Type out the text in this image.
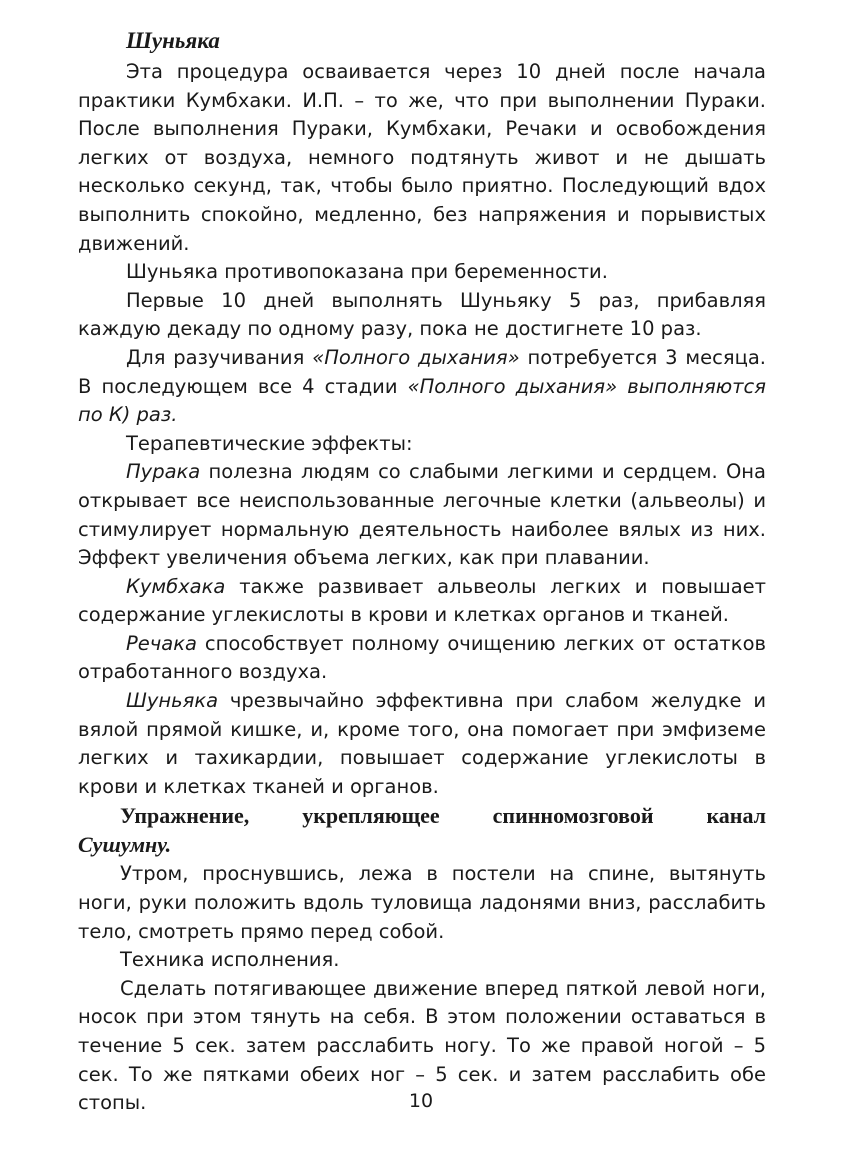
Шуньяка

Эта процедура осваивается через 10 дней после начала практики Кумбхаки. И.П. – то же, что при выполнении Пураки. После выполнения Пураки, Кумбхаки, Речаки и освобождения легких от воздуха, немного подтянуть живот и не дышать несколько секунд, так, чтобы было приятно. Последующий вдох выполнить спокойно, медленно, без напряжения и порывистых движений.

Шуньяка противопоказана при беременности.

Первые 10 дней выполнять Шуньяку 5 раз, прибавляя каждую декаду по одному разу, пока не достигнете 10 раз.

Для разучивания «Полного дыхания» потребуется 3 месяца. В последующем все 4 стадии «Полного дыхания» выполняются по К) раз.

Терапевтические эффекты:

Пурака полезна людям со слабыми легкими и сердцем. Она открывает все неиспользованные легочные клетки (альвеолы) и стимулирует нормальную деятельность наиболее вялых из них. Эффект увеличения объема легких, как при плавании.

Кумбхака также развивает альвеолы легких и повышает содержание углекислоты в крови и клетках органов и тканей.

Речака способствует полному очищению легких от остатков отработанного воздуха.

Шуньяка чрезвычайно эффективна при слабом желудке и вялой прямой кишке, и, кроме того, она помогает при эмфиземе легких и тахикардии, повышает содержание углекислоты в крови и клетках тканей и органов.

Упражнение, укрепляющее спинномозговой канал

Сушумну.

Утром, проснувшись, лежа в постели на спине, вытянуть ноги, руки положить вдоль туловища ладонями вниз, расслабить тело, смотреть прямо перед собой.

Техника исполнения.

Сделать потягивающее движение вперед пяткой левой ноги, носок при этом тянуть на себя. В этом положении оставаться в течение 5 сек. затем расслабить ногу. То же правой ногой – 5 сек. То же пятками обеих ног – 5 сек. и затем расслабить обе стопы.	10
